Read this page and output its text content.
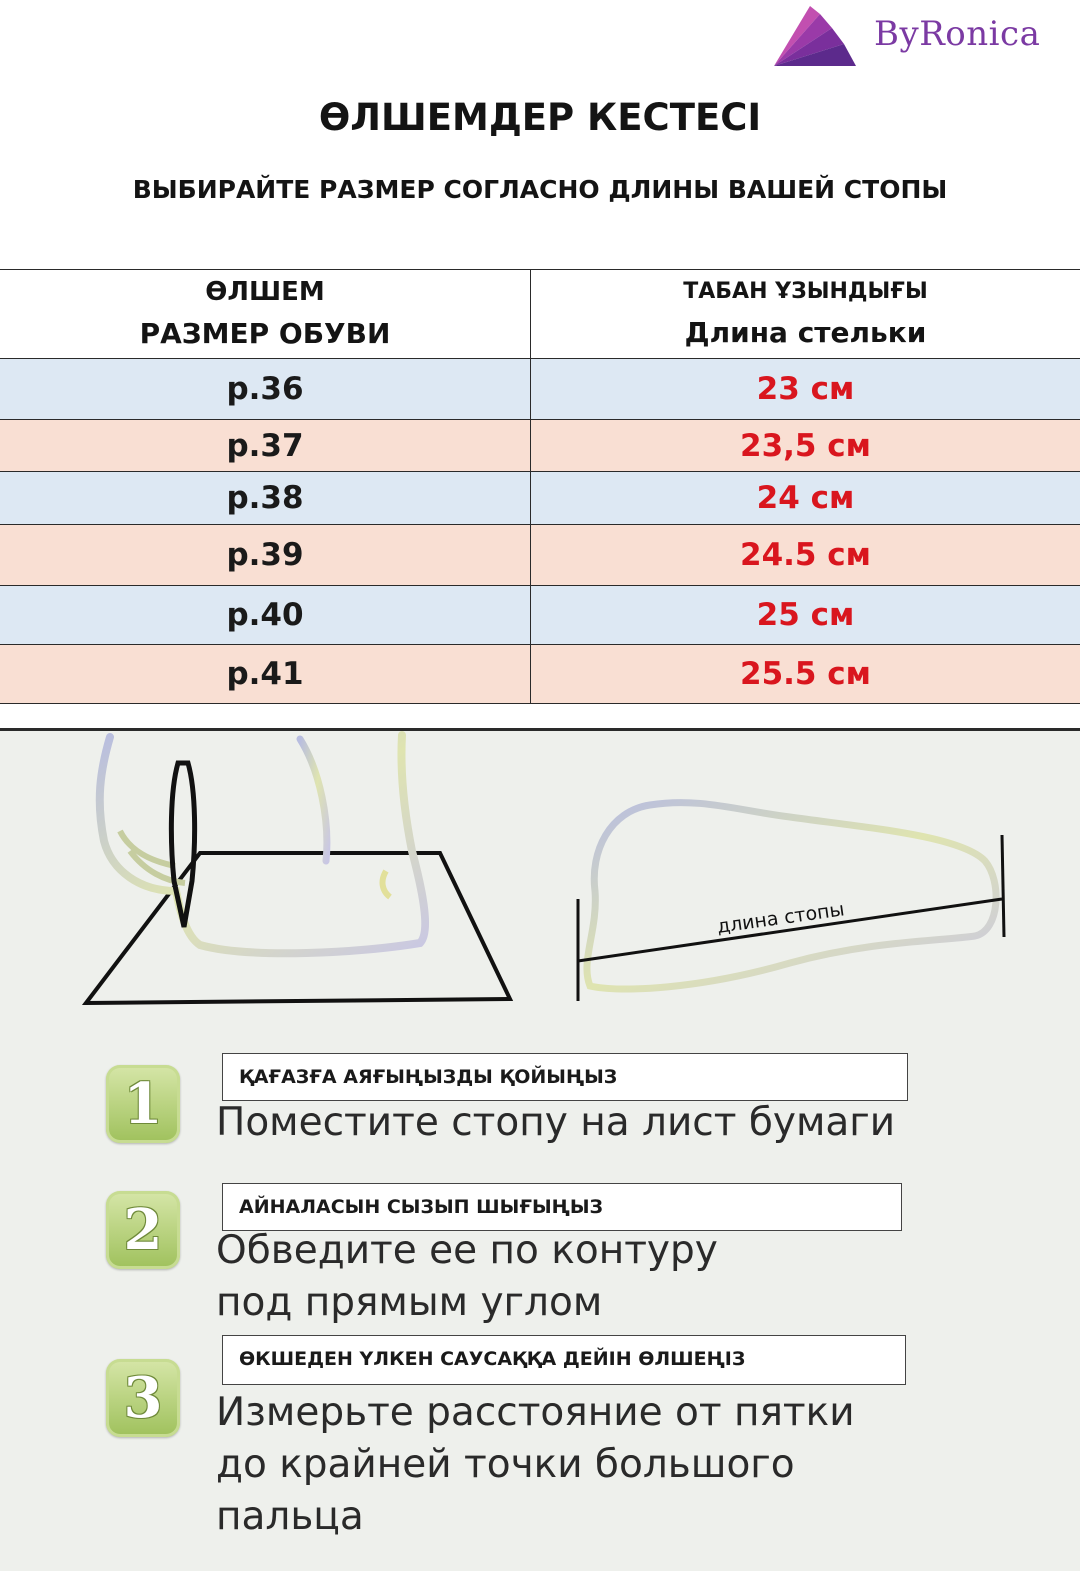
ByRonica
ӨЛШЕМДЕР КЕСТЕСІ
ВЫБИРАЙТЕ РАЗМЕР СОГЛАСНО ДЛИНЫ ВАШЕЙ СТОПЫ
ӨЛШЕМ
РАЗМЕР ОБУВИ	ТАБАН ҰЗЫНДЫҒЫ
Длина стельки

р.36	23 см
р.37	23,5 см
р.38	24 см
р.39	24.5 см
р.40	25 см
р.41	25.5 см
длина стопы
1	ҚАҒАЗҒА АЯҒЫҢЫЗДЫ ҚОЙЫҢЫЗ
Поместите стопу на лист бумаги
2	АЙНАЛАСЫН СЫЗЫП ШЫҒЫҢЫЗ
Обведите ее по контуру
под прямым углом
3
ӨКШЕДЕН ҮЛКЕН САУСАҚҚА ДЕЙІН ӨЛШЕҢІЗ
Измерьте расстояние от пятки
до крайней точки большого
пальца
